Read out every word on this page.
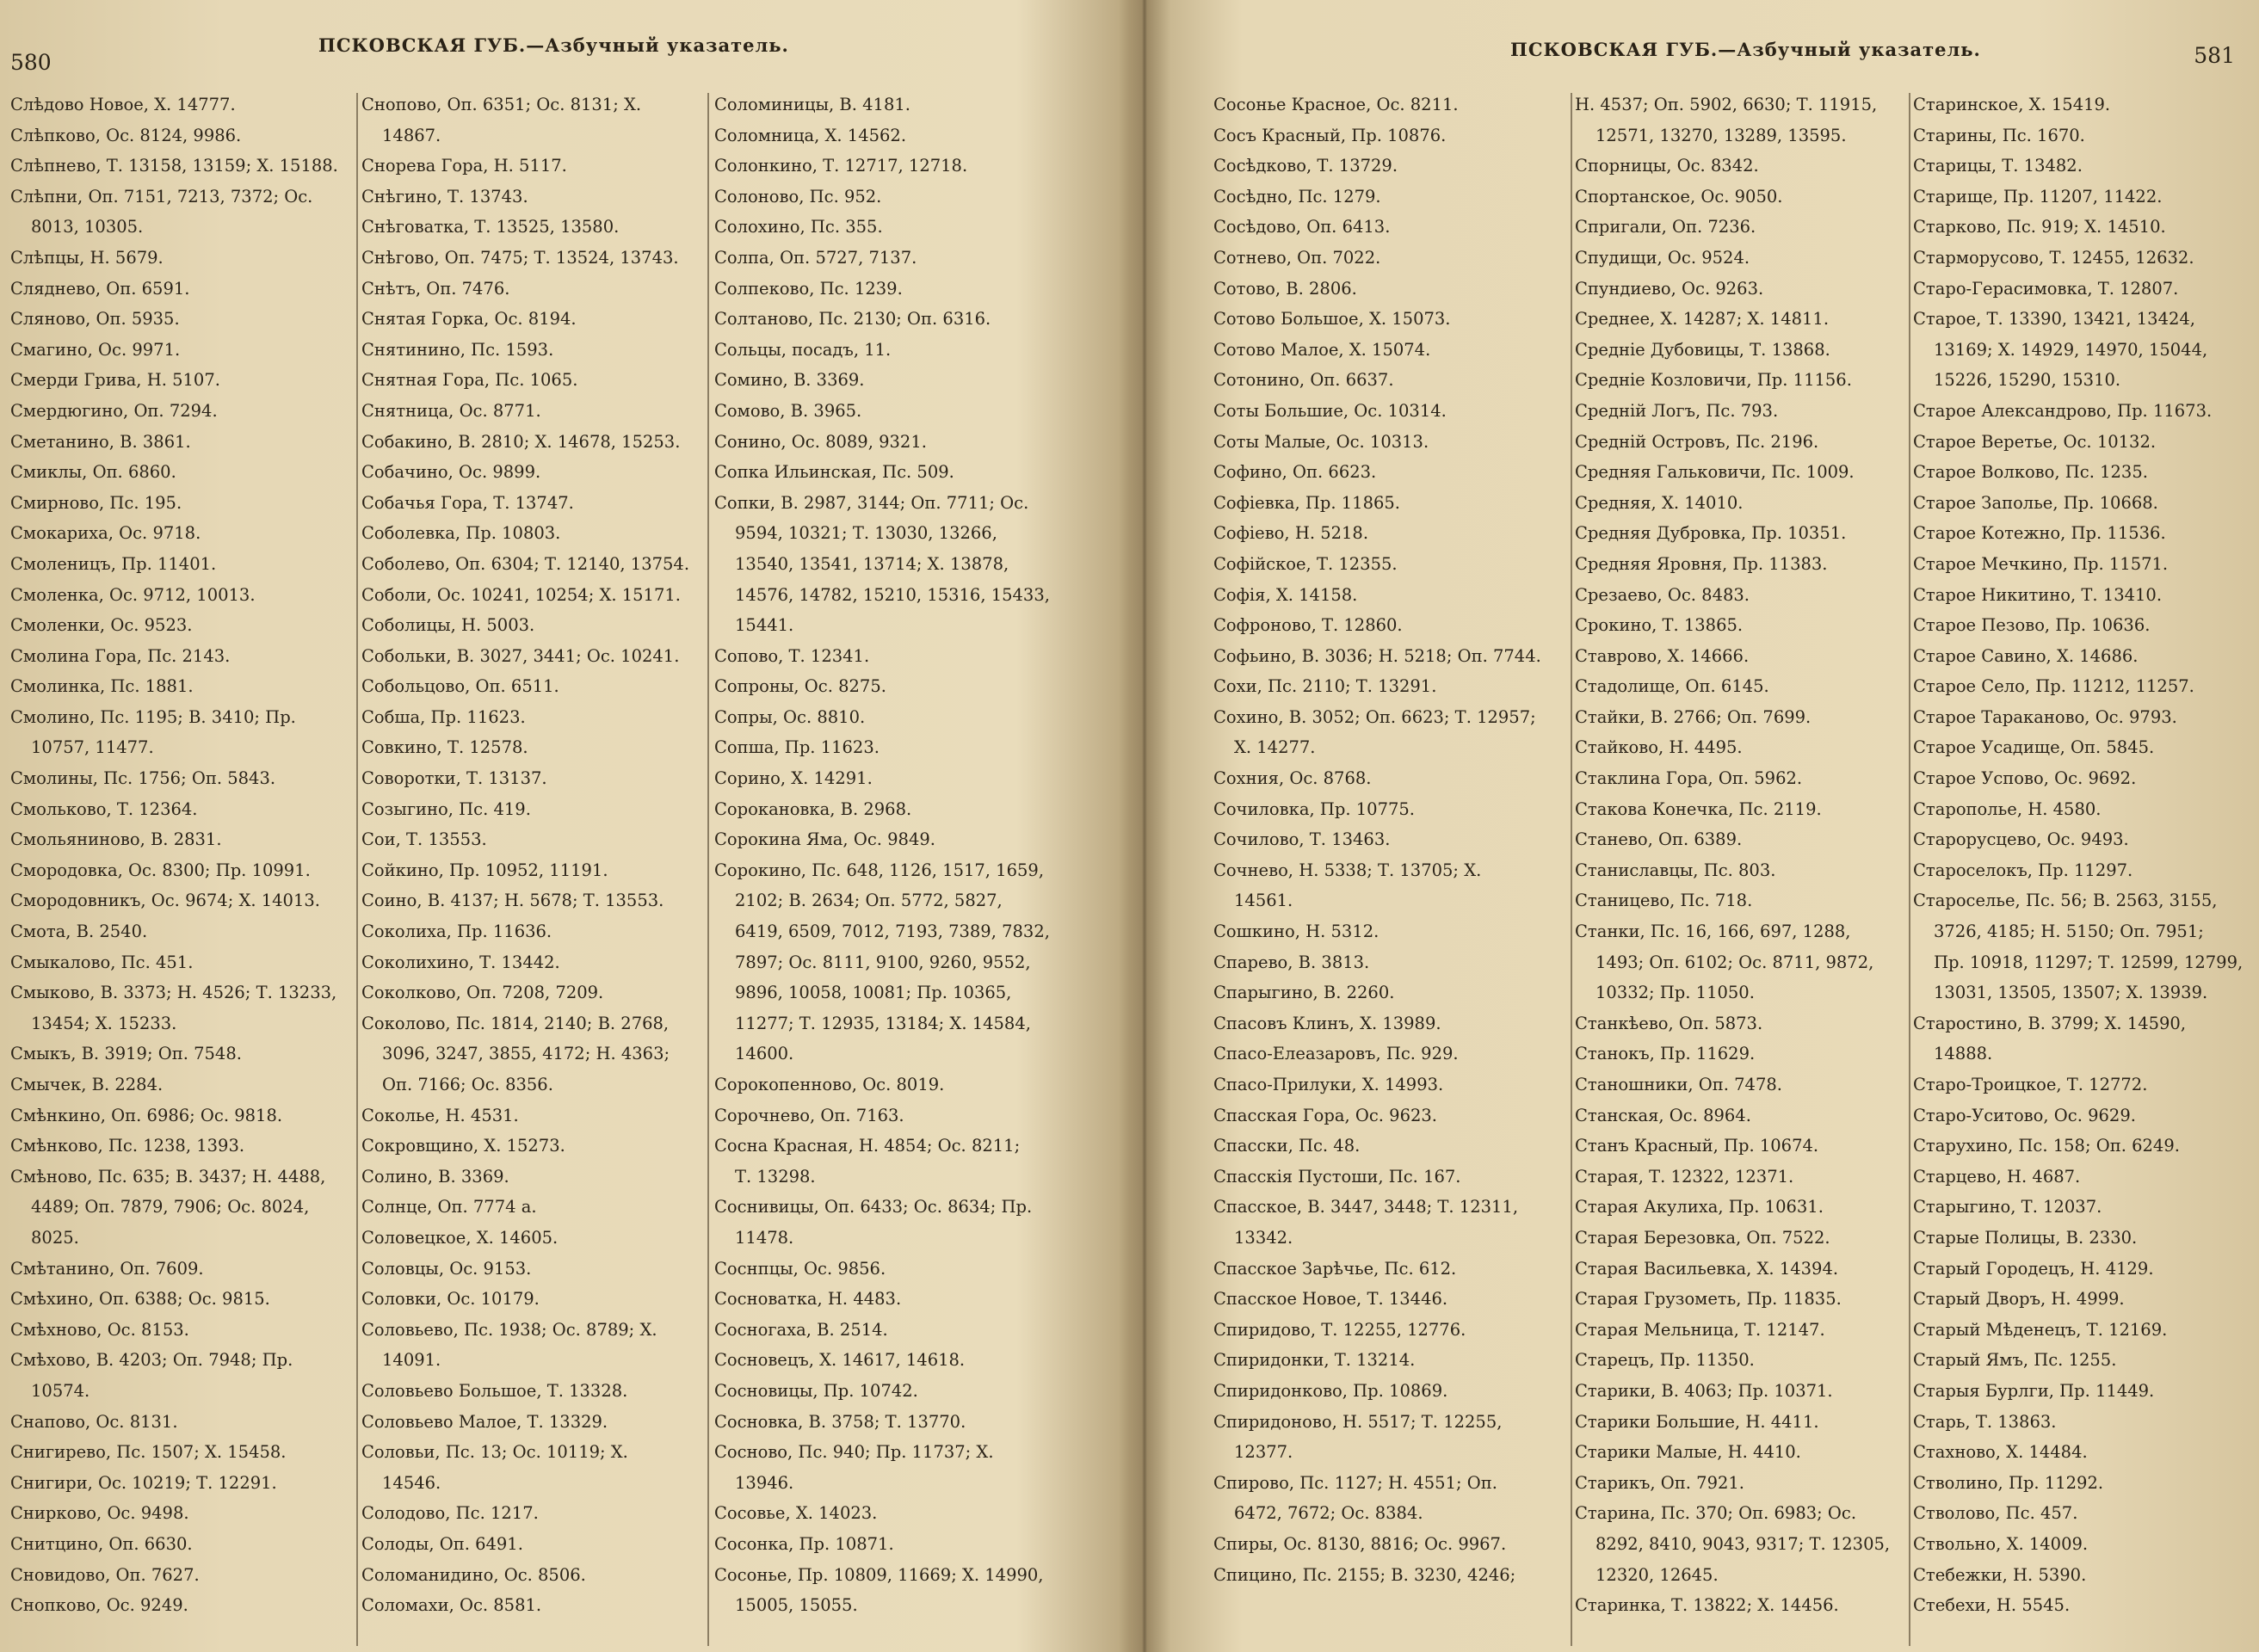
580
ПСКОВСКАЯ ГУБ.—Азбучный указатель.
Слѣдово Новое, Х. 14777.
Слѣпково, Ос. 8124, 9986.
Слѣпнево, Т. 13158, 13159; Х. 15188.
Слѣпни, Оп. 7151, 7213, 7372; Ос.
8013, 10305.
Слѣпцы, Н. 5679.
Сляднево, Оп. 6591.
Сляново, Оп. 5935.
Смагино, Ос. 9971.
Смерди Грива, Н. 5107.
Смердюгино, Оп. 7294.
Сметанино, В. 3861.
Смиклы, Оп. 6860.
Смирново, Пс. 195.
Смокариха, Ос. 9718.
Смоленицъ, Пр. 11401.
Смоленка, Ос. 9712, 10013.
Смоленки, Ос. 9523.
Смолина Гора, Пс. 2143.
Смолинка, Пс. 1881.
Смолино, Пс. 1195; В. 3410; Пр.
10757, 11477.
Смолины, Пс. 1756; Оп. 5843.
Смольково, Т. 12364.
Смольянинoво, В. 2831.
Смородовка, Ос. 8300; Пр. 10991.
Смородовникъ, Ос. 9674; Х. 14013.
Смота, В. 2540.
Смыкалово, Пс. 451.
Смыково, В. 3373; Н. 4526; Т. 13233,
13454; Х. 15233.
Смыкъ, В. 3919; Оп. 7548.
Смычек, В. 2284.
Смѣнкино, Оп. 6986; Ос. 9818.
Смѣнково, Пс. 1238, 1393.
Смѣново, Пс. 635; В. 3437; Н. 4488,
4489; Оп. 7879, 7906; Ос. 8024,
8025.
Смѣтанино, Оп. 7609.
Смѣхино, Оп. 6388; Ос. 9815.
Смѣхново, Ос. 8153.
Смѣхово, В. 4203; Оп. 7948; Пр.
10574.
Снапово, Ос. 8131.
Снигирево, Пс. 1507; Х. 15458.
Снигири, Ос. 10219; Т. 12291.
Снирково, Ос. 9498.
Снитцино, Оп. 6630.
Сновидово, Оп. 7627.
Снопково, Ос. 9249.
Снопово, Оп. 6351; Ос. 8131; Х.
14867.
Снорева Гора, Н. 5117.
Снѣгино, Т. 13743.
Снѣговатка, Т. 13525, 13580.
Снѣгово, Оп. 7475; Т. 13524, 13743.
Снѣтъ, Оп. 7476.
Снятая Горка, Ос. 8194.
Снятинино, Пс. 1593.
Снятная Гора, Пс. 1065.
Снятница, Ос. 8771.
Собакино, В. 2810; Х. 14678, 15253.
Собачино, Ос. 9899.
Собачья Гора, Т. 13747.
Соболевка, Пр. 10803.
Соболево, Оп. 6304; Т. 12140, 13754.
Соболи, Ос. 10241, 10254; Х. 15171.
Соболицы, Н. 5003.
Собольки, В. 3027, 3441; Ос. 10241.
Собольцово, Оп. 6511.
Собша, Пр. 11623.
Совкино, Т. 12578.
Соворотки, Т. 13137.
Созыгино, Пс. 419.
Сои, Т. 13553.
Сойкино, Пр. 10952, 11191.
Соино, В. 4137; Н. 5678; Т. 13553.
Соколиха, Пр. 11636.
Соколихино, Т. 13442.
Соколково, Оп. 7208, 7209.
Соколово, Пс. 1814, 2140; В. 2768,
3096, 3247, 3855, 4172; Н. 4363;
Оп. 7166; Ос. 8356.
Соколье, Н. 4531.
Сокровщино, Х. 15273.
Солино, В. 3369.
Солнце, Оп. 7774 а.
Соловецкое, Х. 14605.
Соловцы, Ос. 9153.
Соловки, Ос. 10179.
Соловьево, Пс. 1938; Ос. 8789; Х.
14091.
Соловьево Большое, Т. 13328.
Соловьево Малое, Т. 13329.
Соловьи, Пс. 13; Ос. 10119; Х.
14546.
Солодово, Пс. 1217.
Солоды, Оп. 6491.
Соломанидино, Ос. 8506.
Соломахи, Ос. 8581.
Соломиницы, В. 4181.
Соломница, Х. 14562.
Солонкино, Т. 12717, 12718.
Солоново, Пс. 952.
Солохино, Пс. 355.
Солпа, Оп. 5727, 7137.
Солпеково, Пс. 1239.
Солтаново, Пс. 2130; Оп. 6316.
Сольцы, посадъ, 11.
Сомино, В. 3369.
Сомово, В. 3965.
Сонино, Ос. 8089, 9321.
Сопка Ильинская, Пс. 509.
Сопки, В. 2987, 3144; Оп. 7711; Ос.
9594, 10321; Т. 13030, 13266,
13540, 13541, 13714; Х. 13878,
14576, 14782, 15210, 15316, 15433,
15441.
Сопово, Т. 12341.
Сопроны, Ос. 8275.
Сопры, Ос. 8810.
Сопша, Пр. 11623.
Сорино, Х. 14291.
Сорокановка, В. 2968.
Сорокина Яма, Ос. 9849.
Сорокино, Пс. 648, 1126, 1517, 1659,
2102; В. 2634; Оп. 5772, 5827,
6419, 6509, 7012, 7193, 7389, 7832,
7897; Ос. 8111, 9100, 9260, 9552,
9896, 10058, 10081; Пр. 10365,
11277; Т. 12935, 13184; Х. 14584,
14600.
Сорокопенново, Ос. 8019.
Сорочнево, Оп. 7163.
Сосна Красная, Н. 4854; Ос. 8211;
Т. 13298.
Соснивицы, Оп. 6433; Ос. 8634; Пр.
11478.
Соснпцы, Ос. 9856.
Сосноватка, Н. 4483.
Сосногаха, В. 2514.
Сосновецъ, Х. 14617, 14618.
Сосновицы, Пр. 10742.
Сосновка, В. 3758; Т. 13770.
Сосново, Пс. 940; Пр. 11737; Х.
13946.
Сосовье, Х. 14023.
Сосонка, Пр. 10871.
Сосонье, Пр. 10809, 11669; Х. 14990,
15005, 15055.
581
ПСКОВСКАЯ ГУБ.—Азбучный указатель.
Сосонье Красное, Ос. 8211.
Сосъ Красный, Пр. 10876.
Сосѣдково, Т. 13729.
Сосѣдно, Пс. 1279.
Сосѣдово, Оп. 6413.
Сотнево, Оп. 7022.
Сотово, В. 2806.
Сотово Большое, Х. 15073.
Сотово Малое, Х. 15074.
Сотонино, Оп. 6637.
Соты Большие, Ос. 10314.
Соты Малые, Ос. 10313.
Софино, Оп. 6623.
Софіевка, Пр. 11865.
Софіево, Н. 5218.
Софійское, Т. 12355.
Софія, Х. 14158.
Софроново, Т. 12860.
Софьино, В. 3036; Н. 5218; Оп. 7744.
Сохи, Пс. 2110; Т. 13291.
Сохино, В. 3052; Оп. 6623; Т. 12957;
Х. 14277.
Сохния, Ос. 8768.
Сочиловка, Пр. 10775.
Сочилово, Т. 13463.
Сочнево, Н. 5338; Т. 13705; Х.
14561.
Сошкино, Н. 5312.
Спарево, В. 3813.
Спарыгино, В. 2260.
Спасовъ Клинъ, Х. 13989.
Спасо-Елеазаровъ, Пс. 929.
Спасо-Прилуки, Х. 14993.
Спасская Гора, Ос. 9623.
Спасски, Пс. 48.
Спасскія Пустоши, Пс. 167.
Спасское, В. 3447, 3448; Т. 12311,
13342.
Спасское Зарѣчье, Пс. 612.
Спасское Новое, Т. 13446.
Спиридово, Т. 12255, 12776.
Спиридонки, Т. 13214.
Спиридонково, Пр. 10869.
Спиридоново, Н. 5517; Т. 12255,
12377.
Спирово, Пс. 1127; Н. 4551; Оп.
6472, 7672; Ос. 8384.
Спиры, Ос. 8130, 8816; Ос. 9967.
Спицино, Пс. 2155; В. 3230, 4246;
Н. 4537; Оп. 5902, 6630; Т. 11915,
12571, 13270, 13289, 13595.
Спорницы, Ос. 8342.
Спортанское, Ос. 9050.
Спригали, Оп. 7236.
Спудищи, Ос. 9524.
Спундиево, Ос. 9263.
Среднее, Х. 14287; Х. 14811.
Средніе Дубовицы, Т. 13868.
Средніе Козловичи, Пр. 11156.
Средній Логъ, Пс. 793.
Средній Островъ, Пс. 2196.
Средняя Гальковичи, Пс. 1009.
Средняя, Х. 14010.
Средняя Дубровка, Пр. 10351.
Средняя Яровня, Пр. 11383.
Срезаево, Ос. 8483.
Срокино, Т. 13865.
Ставрово, Х. 14666.
Стадолище, Оп. 6145.
Стайки, В. 2766; Оп. 7699.
Стайково, Н. 4495.
Стаклина Гора, Оп. 5962.
Стакова Конечка, Пс. 2119.
Станево, Оп. 6389.
Станиславцы, Пс. 803.
Станицево, Пс. 718.
Станки, Пс. 16, 166, 697, 1288,
1493; Оп. 6102; Ос. 8711, 9872,
10332; Пр. 11050.
Станкѣево, Оп. 5873.
Станокъ, Пр. 11629.
Станошники, Оп. 7478.
Станская, Ос. 8964.
Станъ Красный, Пр. 10674.
Старая, Т. 12322, 12371.
Старая Акулиха, Пр. 10631.
Старая Березовка, Оп. 7522.
Старая Васильевка, Х. 14394.
Старая Грузометь, Пр. 11835.
Старая Мельница, Т. 12147.
Старецъ, Пр. 11350.
Старики, В. 4063; Пр. 10371.
Старики Большие, Н. 4411.
Старики Малые, Н. 4410.
Старикъ, Оп. 7921.
Старина, Пс. 370; Оп. 6983; Ос.
8292, 8410, 9043, 9317; Т. 12305,
12320, 12645.
Старинка, Т. 13822; Х. 14456.
Старинское, Х. 15419.
Старины, Пс. 1670.
Старицы, Т. 13482.
Старище, Пр. 11207, 11422.
Старково, Пс. 919; Х. 14510.
Старморусово, Т. 12455, 12632.
Старо-Герасимовка, Т. 12807.
Старое, Т. 13390, 13421, 13424,
13169; Х. 14929, 14970, 15044,
15226, 15290, 15310.
Старое Александрово, Пр. 11673.
Старое Веретье, Ос. 10132.
Старое Волково, Пс. 1235.
Старое Заполье, Пр. 10668.
Старое Котежно, Пр. 11536.
Старое Мечкино, Пр. 11571.
Старое Никитино, Т. 13410.
Старое Пезово, Пр. 10636.
Старое Савино, Х. 14686.
Старое Село, Пр. 11212, 11257.
Старое Тараканово, Ос. 9793.
Старое Усадище, Оп. 5845.
Старое Успово, Ос. 9692.
Старополье, Н. 4580.
Старорусцево, Ос. 9493.
Староселокъ, Пр. 11297.
Старoселье, Пс. 56; В. 2563, 3155,
3726, 4185; Н. 5150; Оп. 7951;
Пр. 10918, 11297; Т. 12599, 12799,
13031, 13505, 13507; Х. 13939.
Старостино, В. 3799; Х. 14590,
14888.
Старо-Троицкое, Т. 12772.
Старо-Уситово, Ос. 9629.
Старухино, Пс. 158; Оп. 6249.
Старцево, Н. 4687.
Старыгино, Т. 12037.
Старые Полицы, В. 2330.
Старый Городецъ, Н. 4129.
Старый Дворъ, Н. 4999.
Старый Мѣденецъ, Т. 12169.
Старый Ямъ, Пс. 1255.
Старыя Бурлги, Пр. 11449.
Старь, Т. 13863.
Стахново, Х. 14484.
Стволино, Пр. 11292.
Стволово, Пс. 457.
Ствольно, Х. 14009.
Стебежки, Н. 5390.
Стебехи, Н. 5545.
